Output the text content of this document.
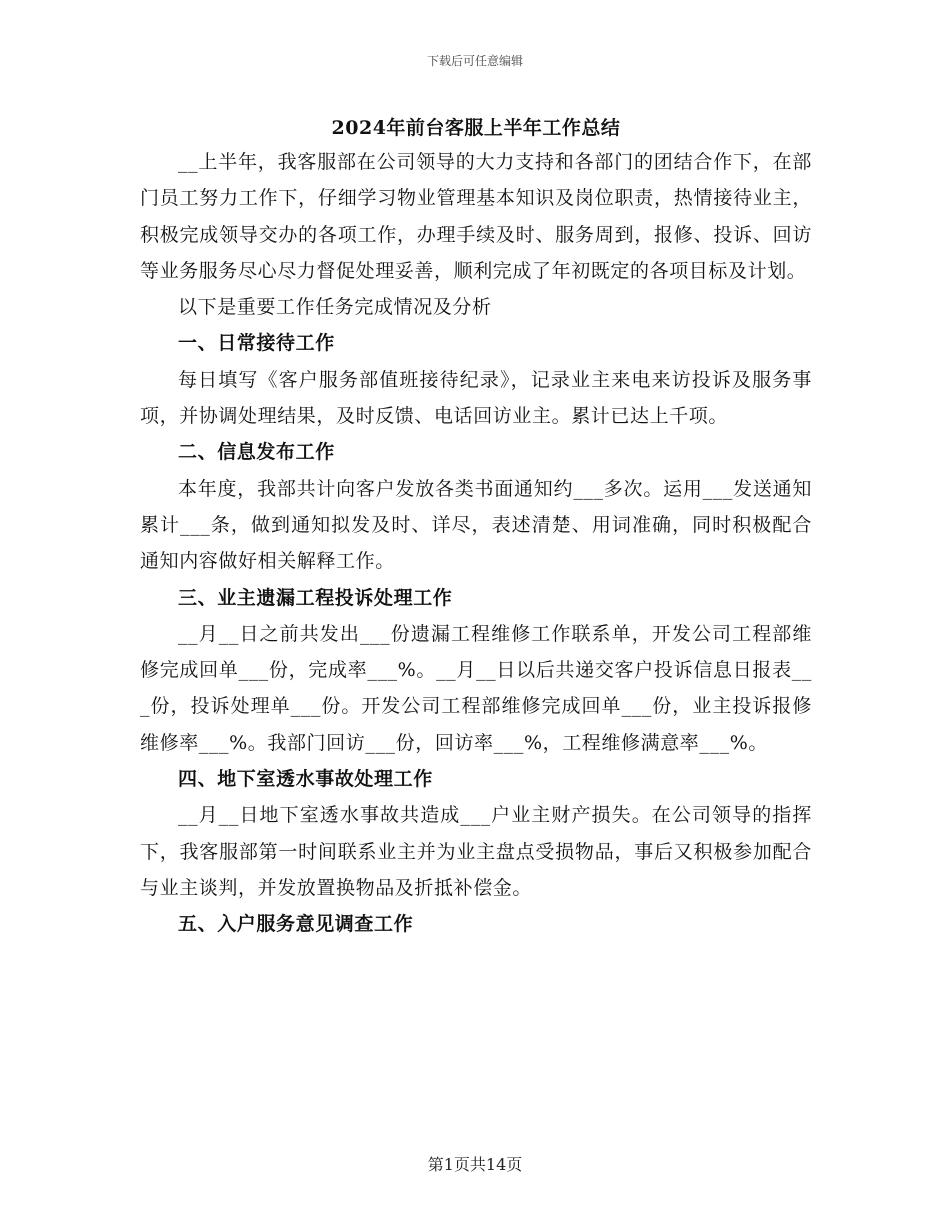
下载后可任意编辑

2024年前台客服上半年工作总结

__上半年，我客服部在公司领导的大力支持和各部门的团结合作下，在部门员工努力工作下，仔细学习物业管理基本知识及岗位职责，热情接待业主，积极完成领导交办的各项工作，办理手续及时、服务周到，报修、投诉、回访等业务服务尽心尽力督促处理妥善，顺利完成了年初既定的各项目标及计划。

以下是重要工作任务完成情况及分析

一、日常接待工作

每日填写《客户服务部值班接待纪录》，记录业主来电来访投诉及服务事项，并协调处理结果，及时反馈、电话回访业主。累计已达上千项。

二、信息发布工作

本年度，我部共计向客户发放各类书面通知约___多次。运用___发送通知累计___条，做到通知拟发及时、详尽，表述清楚、用词准确，同时积极配合通知内容做好相关解释工作。

三、业主遗漏工程投诉处理工作

__月__日之前共发出___份遗漏工程维修工作联系单，开发公司工程部维修完成回单___份，完成率___%。__月__日以后共递交客户投诉信息日报表___份，投诉处理单___份。开发公司工程部维修完成回单___份，业主投诉报修维修率___%。我部门回访___份，回访率___%，工程维修满意率___%。

四、地下室透水事故处理工作

__月__日地下室透水事故共造成___户业主财产损失。在公司领导的指挥下，我客服部第一时间联系业主并为业主盘点受损物品，事后又积极参加配合与业主谈判，并发放置换物品及折抵补偿金。

五、入户服务意见调查工作

第1页共14页
